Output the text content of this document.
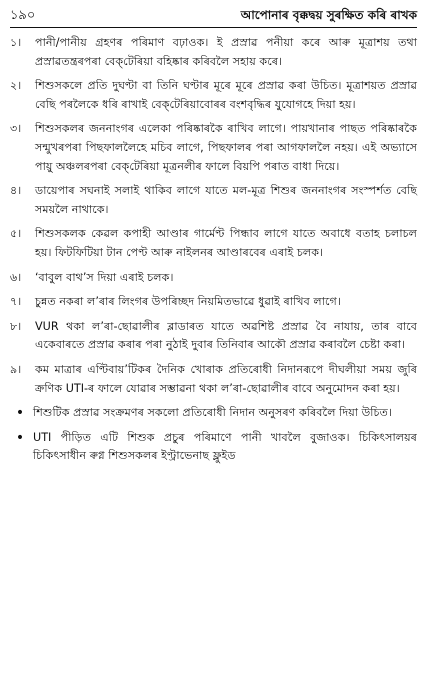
১৯০	আপোনাৰ বৃক্কদ্বয় সুৰক্ষিত কৰি ৰাখক
১।	পানী/পানীয় গ্ৰহণৰ পৰিমাণ বঢ়াওক। ই প্ৰস্ৰাৱ পনীয়া কৰে আৰু মূত্ৰাশয় তথা প্ৰস্ৰাৱতন্ত্ৰৰপৰা বেক্‌টেৰিয়া বহিষ্কাৰ কৰিবলৈ সহায় কৰে।
২।	শিশুসকলে প্ৰতি দুঘণ্টা বা তিনি ঘণ্টাৰ মূৰে মূৰে প্ৰস্ৰাৱ কৰা উচিত। মূত্ৰাশয়ত প্ৰস্ৰাৱ বেছি পৰলৈকে ধৰি ৰাখাই বেক্‌টেৰিয়াবোৰৰ বংশবৃদ্ধিৰ যুযোগহে দিয়া হয়।
৩।	শিশুসকলৰ জননাংগৰ এলেকা পৰিষ্কাৰকৈ ৰাখিব লাগে। পায়খানাৰ পাছত পৰিষ্কাৰকৈ সন্মুখৰপৰা পিছফাললৈহে মচিব লাগে, পিছফালৰ পৰা আগফাললৈ নহয়। এই অভ্যাসে পায়ু অঞ্চলৰপৰা বেক্‌টেৰিয়া মূত্ৰনলীৰ ফালে বিয়পি পৰাত বাধা দিয়ে।
৪।	ডায়েপাৰ সঘনাই সলাই থাকিব লাগে যাতে মল-মূত্ৰ শিশুৰ জননাংগৰ সংস্পৰ্শত বেছি সময়লৈ নাথাকে।
৫।	শিশুসকলক কেৱল কপাহী আণ্ডাৰ গাৰ্মেণ্ট পিন্ধাব লাগে যাতে অবাধে বতাহ চলাচল হয়। ফিটফিটিয়া টান পেণ্ট আৰু নাইলনৰ আণ্ডাৰবেৰ এৰাই চলক।
৬।	‘বাবুল বাথ’স দিয়া এৰাই চলক।
৭।	চুন্নত নকৰা ল’ৰাৰ লিংগৰ উপৰিচ্ছদ নিয়মিতভাৱে ধুৱাই ৰাখিব লাগে।
৮।	VUR থকা ল’ৰা-ছোৱালীৰ ব্লাডাৰত যাতে অৱশিষ্ট প্ৰস্ৰাৱ বৈ নাযায়, তাৰ বাবে একেবাৰতে প্ৰস্ৰাৱ কৰাৰ পৰা নুঠাই দুবাৰ তিনিবাৰ আকৌ প্ৰস্ৰাৱ কৰাবলৈ চেষ্টা কৰা।
৯।	কম মাত্ৰাৰ এণ্টিবায়’টিকৰ দৈনিক খোৰাক প্ৰতিৰোধী নিদানৰূপে দীঘলীয়া সময় জুৰি ক্ৰণিক UTI-ৰ ফালে যোৱাৰ সম্ভাৱনা থকা ল’ৰা-ছোৱালীৰ বাবে অনুমোদন কৰা হয়।
• শিশুটিক প্ৰস্ৰাৱ সংক্ৰমণৰ সকলো প্ৰতিৰোধী নিদান অনুসৰণ কৰিবলৈ দিয়া উচিত।
• UTI পীড়িত এটি শিশুক প্ৰচুৰ পৰিমাণে পানী খাবলৈ বুজাওক। চিকিৎসালয়ৰ চিকিৎসাধীন ৰুগ্ন শিশুসকলৰ ইণ্ট্ৰাভেনাছ ফ্লুইড
